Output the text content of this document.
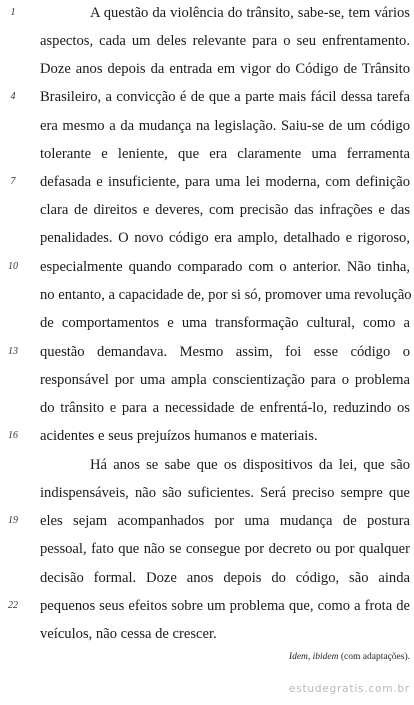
1
4
7
10
13
16
19
22
A questão da violência do trânsito, sabe-se, tem vários
aspectos, cada um deles relevante para o seu enfrentamento.
Doze anos depois da entrada em vigor do Código de Trânsito
Brasileiro, a convicção é de que a parte mais fácil dessa tarefa
era mesmo a da mudança na legislação. Saiu-se de um código
tolerante e leniente, que era claramente uma ferramenta
defasada e insuficiente, para uma lei moderna, com definição
clara de direitos e deveres, com precisão das infrações e das
penalidades. O novo código era amplo, detalhado e rigoroso,
especialmente quando comparado com o anterior. Não tinha,
no entanto, a capacidade de, por si só, promover uma revolução
de comportamentos e uma transformação cultural, como a
questão demandava. Mesmo assim, foi esse código o
responsável por uma ampla conscientização para o problema
do trânsito e para a necessidade de enfrentá-lo, reduzindo os
acidentes e seus prejuízos humanos e materiais.
Há anos se sabe que os dispositivos da lei, que são
indispensáveis, não são suficientes. Será preciso sempre que
eles sejam acompanhados por uma mudança de postura
pessoal, fato que não se consegue por decreto ou por qualquer
decisão formal. Doze anos depois do código, são ainda
pequenos seus efeitos sobre um problema que, como a frota de
veículos, não cessa de crescer.
Idem, ibidem (com adaptações).
estudegratis.com.br
